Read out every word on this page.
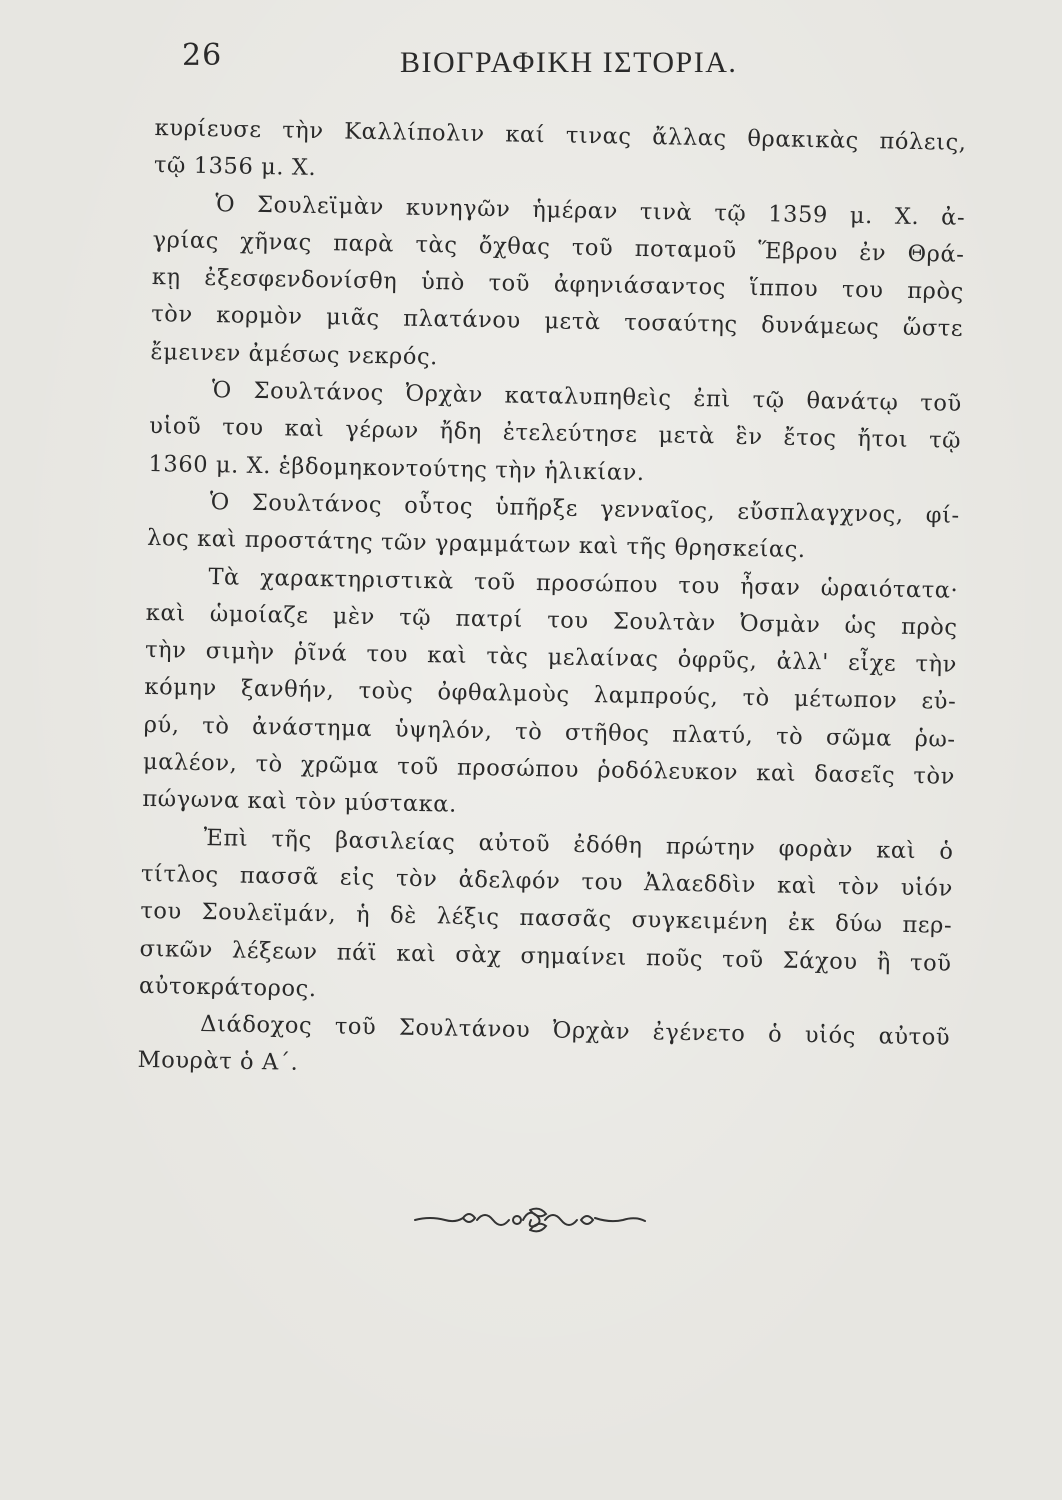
26	ΒΙΟΓΡΑΦΙΚΗ ΙΣΤΟΡΙΑ.
κυρίευσε τὴν Καλλίπολιν καί τινας ἄλλας θρακικὰς πόλεις,
τῷ 1356 μ. Χ.
Ὁ Σουλεϊμὰν κυνηγῶν ἡμέραν τινὰ τῷ 1359 μ. Χ. ἀ-
γρίας χῆνας παρὰ τὰς ὄχθας τοῦ ποταμοῦ Ἕβρου ἐν Θρά-
κῃ ἐξεσφενδονίσθη ὑπὸ τοῦ ἀφηνιάσαντος ἵππου του πρὸς
τὸν κορμὸν μιᾶς πλατάνου μετὰ τοσαύτης δυνάμεως ὥστε
ἔμεινεν ἀμέσως νεκρός.
Ὁ Σουλτάνος Ὀρχὰν καταλυπηθεὶς ἐπὶ τῷ θανάτῳ τοῦ
υἱοῦ του καὶ γέρων ἤδη ἐτελεύτησε μετὰ ἓν ἔτος ἤτοι τῷ
1360 μ. Χ. ἑβδομηκοντούτης τὴν ἡλικίαν.
Ὁ Σουλτάνος οὗτος ὑπῆρξε γενναῖος, εὔσπλαγχνος, φί-
λος καὶ προστάτης τῶν γραμμάτων καὶ τῆς θρησκείας.
Τὰ χαρακτηριστικὰ τοῦ προσώπου του ἦσαν ὡραιότατα·
καὶ ὡμοίαζε μὲν τῷ πατρί του Σουλτὰν Ὀσμὰν ὡς πρὸς
τὴν σιμὴν ῥῖνά του καὶ τὰς μελαίνας ὀφρῦς, ἀλλ' εἶχε τὴν
κόμην ξανθήν, τοὺς ὀφθαλμοὺς λαμπρούς, τὸ μέτωπον εὐ-
ρύ, τὸ ἀνάστημα ὑψηλόν, τὸ στῆθος πλατύ, τὸ σῶμα ῥω-
μαλέον, τὸ χρῶμα τοῦ προσώπου ῥοδόλευκον καὶ δασεῖς τὸν
πώγωνα καὶ τὸν μύστακα.
Ἐπὶ τῆς βασιλείας αὐτοῦ ἐδόθη πρώτην φορὰν καὶ ὁ
τίτλος πασσᾶ εἰς τὸν ἀδελφόν του Ἀλαεδδὶν καὶ τὸν υἱόν
του Σουλεϊμάν, ἡ δὲ λέξις πασσᾶς συγκειμένη ἐκ δύω περ-
σικῶν λέξεων πάϊ καὶ σὰχ σημαίνει ποῦς τοῦ Σάχου ἢ τοῦ
αὐτοκράτορος.
Διάδοχος τοῦ Σουλτάνου Ὀρχὰν ἐγένετο ὁ υἱός αὐτοῦ
Μουρὰτ ὁ Α΄.
